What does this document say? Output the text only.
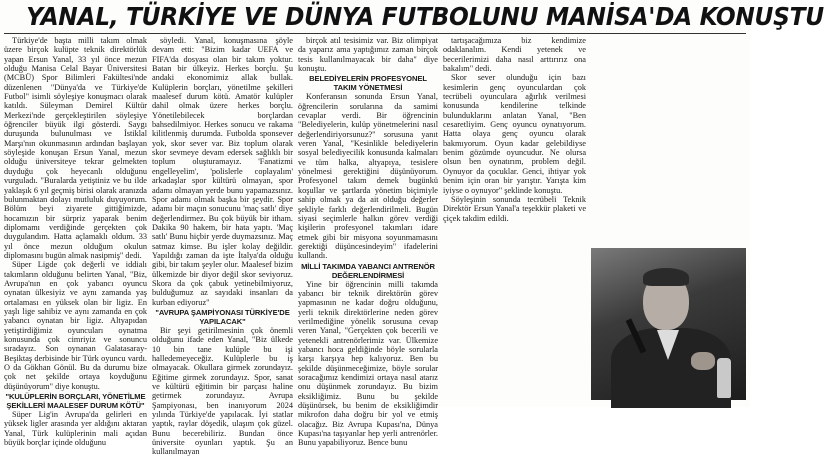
YANAL, TÜRKİYE VE DÜNYA FUTBOLUNU MANİSA'DA KONUŞTU

Türkiye'de başta milli takım olmak üzere birçok kulüpte teknik direktörlük yapan Ersun Yanal, 33 yıl önce mezun olduğu Manisa Celal Bayar Üniversitesi (MCBÜ) Spor Bilimleri Fakültesi'nde düzenlenen "Dünya'da ve Türkiye'de Futbol" isimli söyleşiye konuşmacı olarak katıldı. Süleyman Demirel Kültür Merkezi'nde gerçekleştirilen söyleşiye öğrenciler büyük ilgi gösterdi. Saygı duruşunda bulunulması ve İstiklal Marşı'nın okunmasının ardından başlayan söyleşide konuşan Ersun Yanal, mezun olduğu üniversiteye tekrar gelmekten duyduğu çok heyecanlı olduğunu vurguladı. "Buralarda yetiştiniz ve bu ilde yaklaşık 6 yıl geçmiş birisi olarak aranızda bulunmaktan dolayı mutluluk duyuyorum. Bölüm beyi ziyarete gittiğimizde, hocamızın bir sürpriz yaparak benim diplomamı verdiğinde gerçekten çok duygulandım. Hatta açlamaklı oldum. 33 yıl önce mezun olduğum okulun diplomasını bugün almak nasipmiş" dedi.

Süper Ligde çok değerli ve iddialı takımların olduğunu belirten Yanal, "Biz, Avrupa'nın en çok yabancı oyuncu oynatan ülkesiyiz ve aynı zamanda yaş ortalaması en yüksek olan bir ligiz. En yaşlı lige sahibiz ve aynı zamanda en çok yabancı oynatan bir ligiz. Altyapıdan yetiştirdiğimiz oyuncuları oynatma konusunda çok cimriyiz ve sonuncu sıradayız. Son oynanan Galatasaray-Beşiktaş derbisinde bir Türk oyuncu vardı. O da Gökhan Gönül. Bu da durumu bize çok net şekilde ortaya koyduğunu düşünüyorum" diye konuştu.

"KULÜPLERİN BORÇLARI, YÖNETİLME ŞEKİLLERİ MAALESEF DURUM KÖTÜ"

Süper Lig'in Avrupa'da gelirleri en yüksek ligler arasında yer aldığını aktaran Yanal, Türk kulüplerinin mali açıdan büyük borçlar içinde olduğunu

söyledi. Yanal, konuşmasına şöyle devam etti: "Bizim kadar UEFA ve FIFA'da dosyası olan bir takım yoktur. Batan bir ülkeyiz. Herkes borçlu. Şu andaki ekonomimiz allak bullak. Kulüplerin borçları, yönetilme şekilleri maalesef durum kötü. Amatör kulüpler dahil olmak üzere herkes borçlu. Yönetilebilecek borçlardan bahsedilmiyor. Herkes sonucu ve rakama kilitlenmiş durumda. Futbolda sponsever yok, skor sever var. Biz toplum olarak skor sevmeye devam edersek sağlıklı bir toplum oluşturamayız. 'Fanatizmi engelleyelim', 'polislerle coplayalım' arkadaşlar spor kültürü olmayan, spor adamı olmayan yerde bunu yapamazsınız. Spor adamı olmak başka bir şeydir. Spor adamı bir maçın sonucunu 'maç satlı' diye değerlendirmez. Bu çok büyük bir itham. Dakika 90 hakem, bir hata yaptı. 'Maç satlı' Bunu hiçbir yerde duymazsınız. Maç satmaz kimse. Bu işler kolay değildir. Yapıldığı zaman da işte İtalya'da olduğu gibi, bir takım şeyler olur. Maalesef bizim ülkemizde bir diyor değil skor seviyoruz. Skora da çok çabuk yetinebilmiyoruz, bulduğumuz az sayıdaki insanları da kurban ediyoruz"

"AVRUPA ŞAMPİYONASI TÜRKİYE'DE YAPILACAK"

Bir şeyi getirilmesinin çok önemli olduğunu ifade eden Yanal, "Biz ülkede 10 bin tane kulüple bu işi halledemeyeceğiz. Kulüplerle bu iş olmayacak. Okullara girmek zorundayız. Eğitime girmek zorundayız. Spor, sanat ve kültürü eğitimin bir parçası haline getirmek zorundayız. Avrupa Şampiyonası, ben inanıyorum 2024 yılında Türkiye'de yapılacak. İyi statlar yaptık, raylar döşedik, ulaşım çok güzel. Bunu becerebiliriz. Bundan önce üniversite oyunları yaptık. Şu an kullanılmayan

birçok atıl tesisimiz var. Biz olimpiyat da yaparız ama yaptığımız zaman birçok tesis kullanılmayacak bir daha" diye konuştu.

BELEDİYELERİN PROFESYONEL TAKIM YÖNETMESİ

Konferansın sonunda Ersun Yanal, öğrencilerin sorularına da samimi cevaplar verdi. Bir öğrencinin "Belediyelerin, kulüp yönetmelerini nasıl değerlendiriyorsunuz?" sorusuna yanıt veren Yanal, "Kesinlikle belediyelerin sosyal belediyecilik konusunda kalmaları ve tüm halka, altyapıya, tesislere yönelmesi gerektiğini düşünüyorum. Profesyonel takım demek bugünkü koşullar ve şartlarda yönetim biçimiyle sahip olmak ya da ait olduğu değerler şekliyle farklı değerlendirilmeli. Bugün siyasi seçimlerle halkın görev verdiği kişilerin profesyonel takımları idare etmek gibi bir misyona soyunmamasını gerektiği düşüncesindeyim" ifadelerini kullandı.

MİLLİ TAKIMDA YABANCI ANTRENÖR DEĞERLENDİRMESİ

Yine bir öğrencinin milli takımda yabancı bir teknik direktörün görev yapmasının ne kadar doğru olduğunu, yerli teknik direktörlerine neden görev verilmediğine yönelik sorusuna cevap veren Yanal, "Gerçekten çok becerili ve yetenekli antrenörlerimiz var. Ülkemize yabancı hoca geldiğinde böyle sorularla karşı karşıya hep kalıyoruz. Ben bu şekilde düşünmeceğimize, böyle sorular soracağımız kendimizi ortaya nasıl atarız onu düşünmek zorundayız. Bu bizim eksikliğimiz. Bunu bu şekilde düşünürsek, bu benim de eksikliğimdir mikrofon daha doğru bir yol ve etmiş olacağız. Biz Avrupa Kupası'na, Dünya Kupası'na taşıyanlar hep yerli antrenörler. Bunu yapabiliyoruz. Bence bunu

tartışacağımıza biz kendimize odaklanalım. Kendi yetenek ve becerilerimizi daha nasıl arttırırız ona bakalım" dedi.

Skor sever olunduğu için bazı kesimlerin genç oyunculardan çok tecrübeli oyunculara ağırlık verilmesi konusunda kendilerine telkinde bulunduklarını anlatan Yanal, "Ben cesaretliyim. Genç oyuncu oynatıyorum. Hatta olaya genç oyuncu olarak bakmıyorum. Oyun kadar gelebildiyse benim gözümde oyuncudur. Ne olursa olsun ben oynatırım, problem değil. Oynuyor da çocuklar. Genci, ihtiyar yok benim için oran bir yarıştır. Yarışta kim iyiyse o oynuyor" şeklinde konuştu.

Söyleşinin sonunda tecrübeli Teknik Direktör Ersun Yanal'a teşekkür plaketi ve çiçek takdim edildi.
